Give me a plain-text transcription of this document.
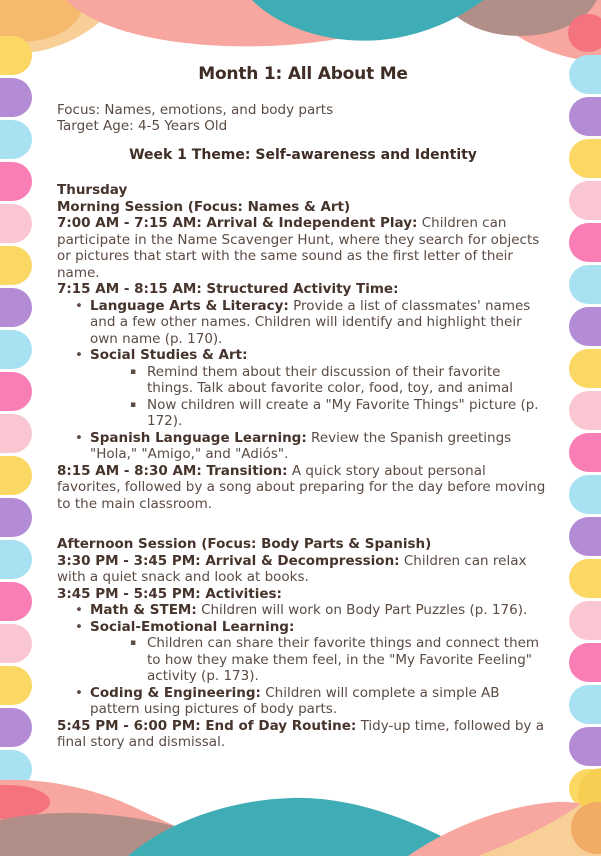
Month 1: All About Me

Focus: Names, emotions, and body parts

Target Age: 4-5 Years Old

Week 1 Theme: Self-awareness and Identity

Thursday
Morning Session (Focus: Names & Art)
7:00 AM - 7:15 AM: Arrival & Independent Play: Children can participate in the Name Scavenger Hunt, where they search for objects or pictures that start with the same sound as the first letter of their name.
7:15 AM - 8:15 AM: Structured Activity Time:
• Language Arts & Literacy: Provide a list of classmates' names and a few other names. Children will identify and highlight their own name (p. 170).
• Social Studies & Art:
▪ Remind them about their discussion of their favorite things. Talk about favorite color, food, toy, and animal
▪ Now children will create a "My Favorite Things" picture (p. 172).
• Spanish Language Learning: Review the Spanish greetings "Hola," "Amigo," and "Adiós".
8:15 AM - 8:30 AM: Transition: A quick story about personal favorites, followed by a song about preparing for the day before moving to the main classroom.
Afternoon Session (Focus: Body Parts & Spanish)
3:30 PM - 3:45 PM: Arrival & Decompression: Children can relax with a quiet snack and look at books.
3:45 PM - 5:45 PM: Activities:
• Math & STEM: Children will work on Body Part Puzzles (p. 176).
• Social-Emotional Learning:
▪ Children can share their favorite things and connect them to how they make them feel, in the "My Favorite Feeling" activity (p. 173).
• Coding & Engineering: Children will complete a simple AB pattern using pictures of body parts.
5:45 PM - 6:00 PM: End of Day Routine: Tidy-up time, followed by a final story and dismissal.
